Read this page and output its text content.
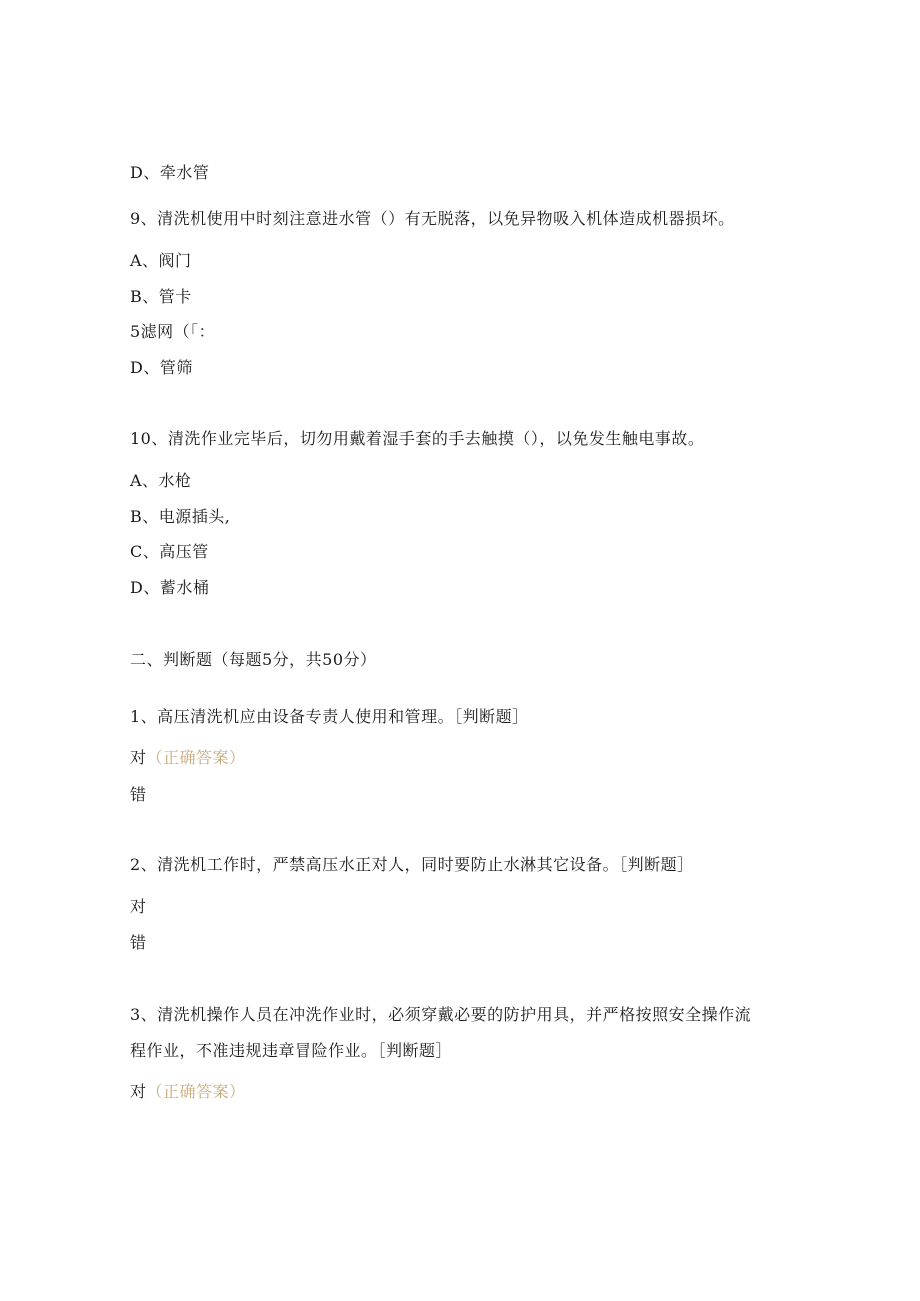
D、牵水管
9、清洗机使用中时刻注意进水管（）有无脱落，以免异物吸入机体造成机器损坏。
A、阀门
B、管卡
5滤网（「：
D、管筛
10、清洗作业完毕后，切勿用戴着湿手套的手去触摸（），以免发生触电事故。
A、水枪
B、电源插头,
C、高压管
D、蓄水桶
二、判断题（每题5分，共50分）
1、高压清洗机应由设备专责人使用和管理。［判断题］
对（正确答案）
错
2、清洗机工作时，严禁高压水正对人，同时要防止水淋其它设备。［判断题］
对
错
3、清洗机操作人员在冲洗作业时，必须穿戴必要的防护用具，并严格按照安全操作流
程作业，不准违规违章冒险作业。［判断题］
对（正确答案）
